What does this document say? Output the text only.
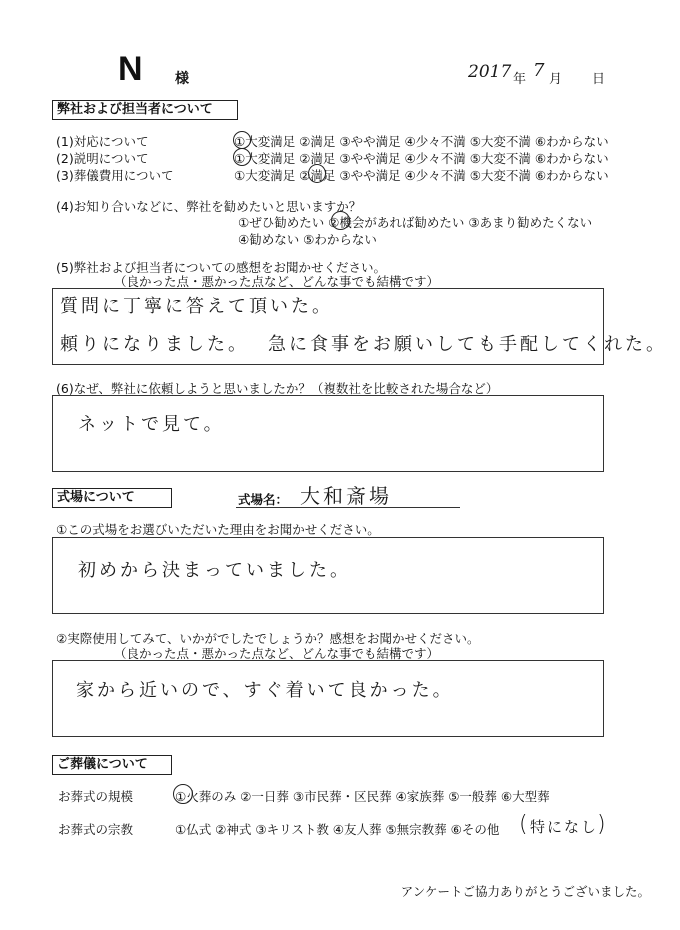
N 様	2017 年 7 月 日
弊社および担当者について
(1)対応について	①大変満足 ②満足 ③やや満足 ④少々不満 ⑤大変不満 ⑥わからない
(2)説明について	①大変満足 ②満足 ③やや満足 ④少々不満 ⑤大変不満 ⑥わからない
(3)葬儀費用について	①大変満足 ②満足 ③やや満足 ④少々不満 ⑤大変不満 ⑥わからない
(4)お知り合いなどに、弊社を勧めたいと思いますか？
①ぜひ勧めたい ②機会があれば勧めたい ③あまり勧めたくない
④勧めない ⑤わからない
(5)弊社および担当者についての感想をお聞かせください。
（良かった点・悪かった点など、どんな事でも結構です）
質問に丁寧に答えて頂いた。
頼りになりました。 急に食事をお願いしても手配してくれた。
(6)なぜ、弊社に依頼しようと思いましたか？（複数社を比較された場合など）
ネットで見て。
式場について	式場名： 大和斎場
①この式場をお選びいただいた理由をお聞かせください。
初めから決まっていました。
②実際使用してみて、いかがでしたでしょうか？感想をお聞かせください。
（良かった点・悪かった点など、どんな事でも結構です）
家から近いので、すぐ着いて良かった。
ご葬儀について
お葬式の規模	①火葬のみ ②一日葬 ③市民葬・区民葬 ④家族葬 ⑤一般葬 ⑥大型葬
お葬式の宗教	①仏式 ②神式 ③キリスト教 ④友人葬 ⑤無宗教葬 ⑥その他 ( 特になし
)
アンケートご協力ありがとうございました。
